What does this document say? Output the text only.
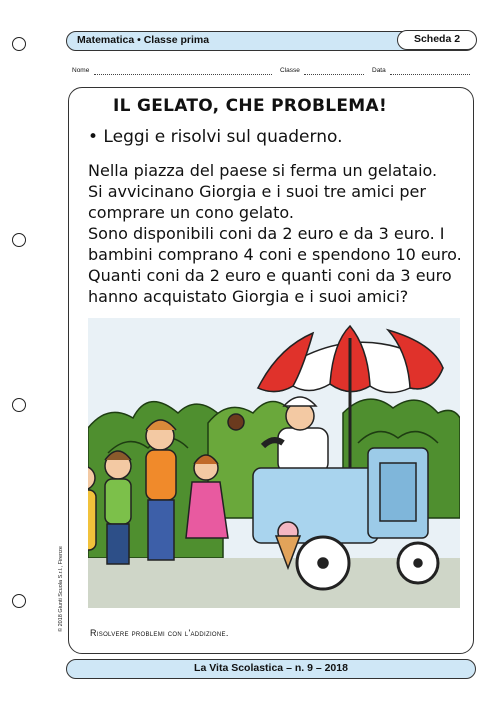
Matematica • Classe prima	Scheda 2
Nome	Classe	Data
IL GELATO, CHE PROBLEMA!
• Leggi e risolvi sul quaderno.
Nella piazza del paese si ferma un gelataio.
Si avvicinano Giorgia e i suoi tre amici per
comprare un cono gelato.
Sono disponibili coni da 2 euro e da 3 euro. I
bambini comprano 4 coni e spendono 10 euro.
Quanti coni da 2 euro e quanti coni da 3 euro
hanno acquistato Giorgia e i suoi amici?
Risolvere problemi con l'addizione.
© 2018 Giunti Scuola S.r.l., Firenze
La Vita Scolastica – n. 9 – 2018
